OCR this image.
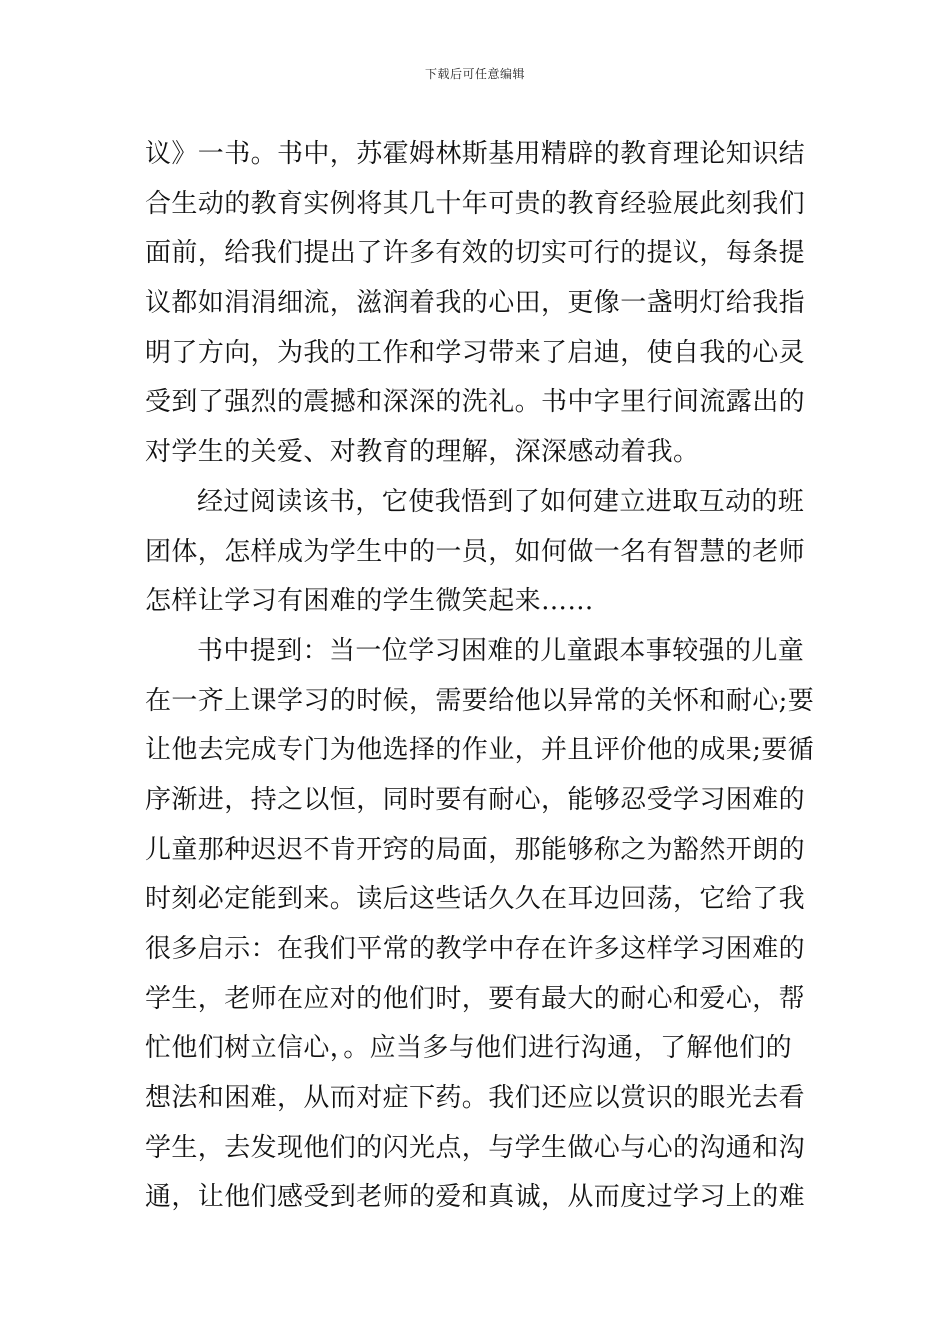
下载后可任意编辑
议》一书。书中，苏霍姆林斯基用精辟的教育理论知识结
合生动的教育实例将其几十年可贵的教育经验展此刻我们
面前，给我们提出了许多有效的切实可行的提议，每条提
议都如涓涓细流，滋润着我的心田，更像一盏明灯给我指
明了方向，为我的工作和学习带来了启迪，使自我的心灵
受到了强烈的震撼和深深的洗礼。书中字里行间流露出的
对学生的关爱、对教育的理解，深深感动着我。
经过阅读该书，它使我悟到了如何建立进取互动的班
团体，怎样成为学生中的一员，如何做一名有智慧的老师
怎样让学习有困难的学生微笑起来……
书中提到：当一位学习困难的儿童跟本事较强的儿童
在一齐上课学习的时候，需要给他以异常的关怀和耐心;要
让他去完成专门为他选择的作业，并且评价他的成果;要循
序渐进，持之以恒，同时要有耐心，能够忍受学习困难的
儿童那种迟迟不肯开窍的局面，那能够称之为豁然开朗的
时刻必定能到来。读后这些话久久在耳边回荡，它给了我
很多启示：在我们平常的教学中存在许多这样学习困难的
学生，老师在应对的他们时，要有最大的耐心和爱心，帮
忙他们树立信心，。应当多与他们进行沟通，了解他们的
想法和困难，从而对症下药。我们还应以赏识的眼光去看
学生，去发现他们的闪光点，与学生做心与心的沟通和沟
通，让他们感受到老师的爱和真诚，从而度过学习上的难
